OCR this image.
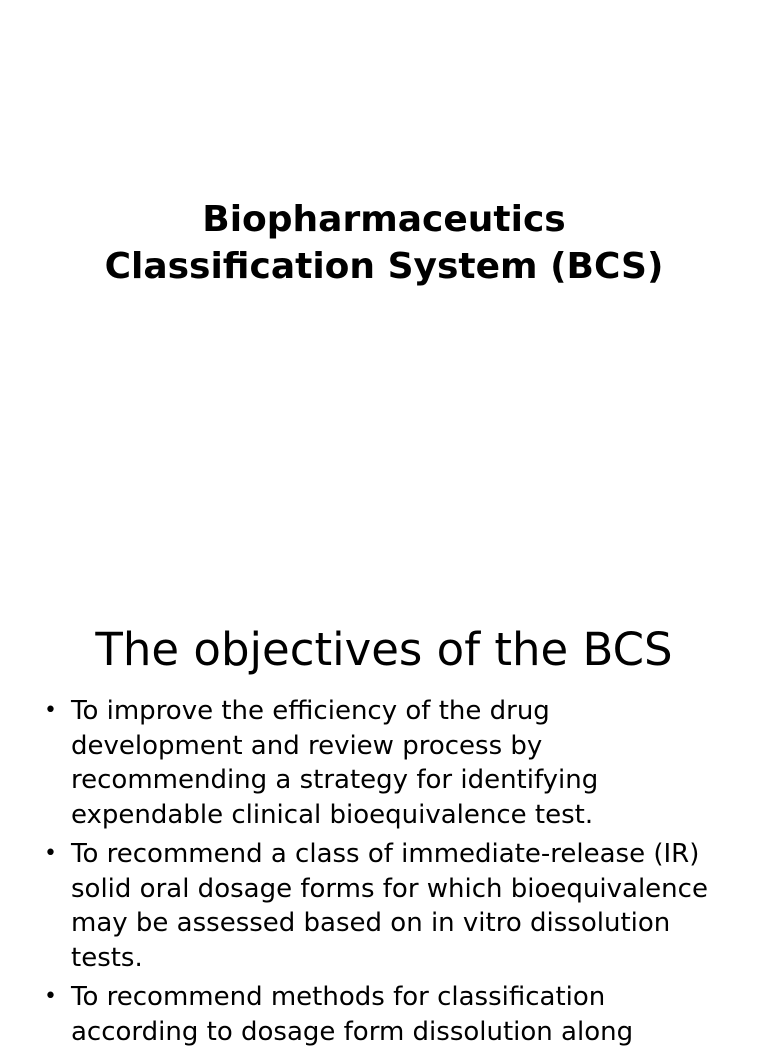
Biopharmaceutics
Classification System (BCS)
The objectives of the BCS
• To improve the efficiency of the drug development and review process by recommending a strategy for identifying expendable clinical bioequivalence test.
• To recommend a class of immediate-release (IR) solid oral dosage forms for which bioequivalence may be assessed based on in vitro dissolution tests.
• To recommend methods for classification according to dosage form dissolution along
